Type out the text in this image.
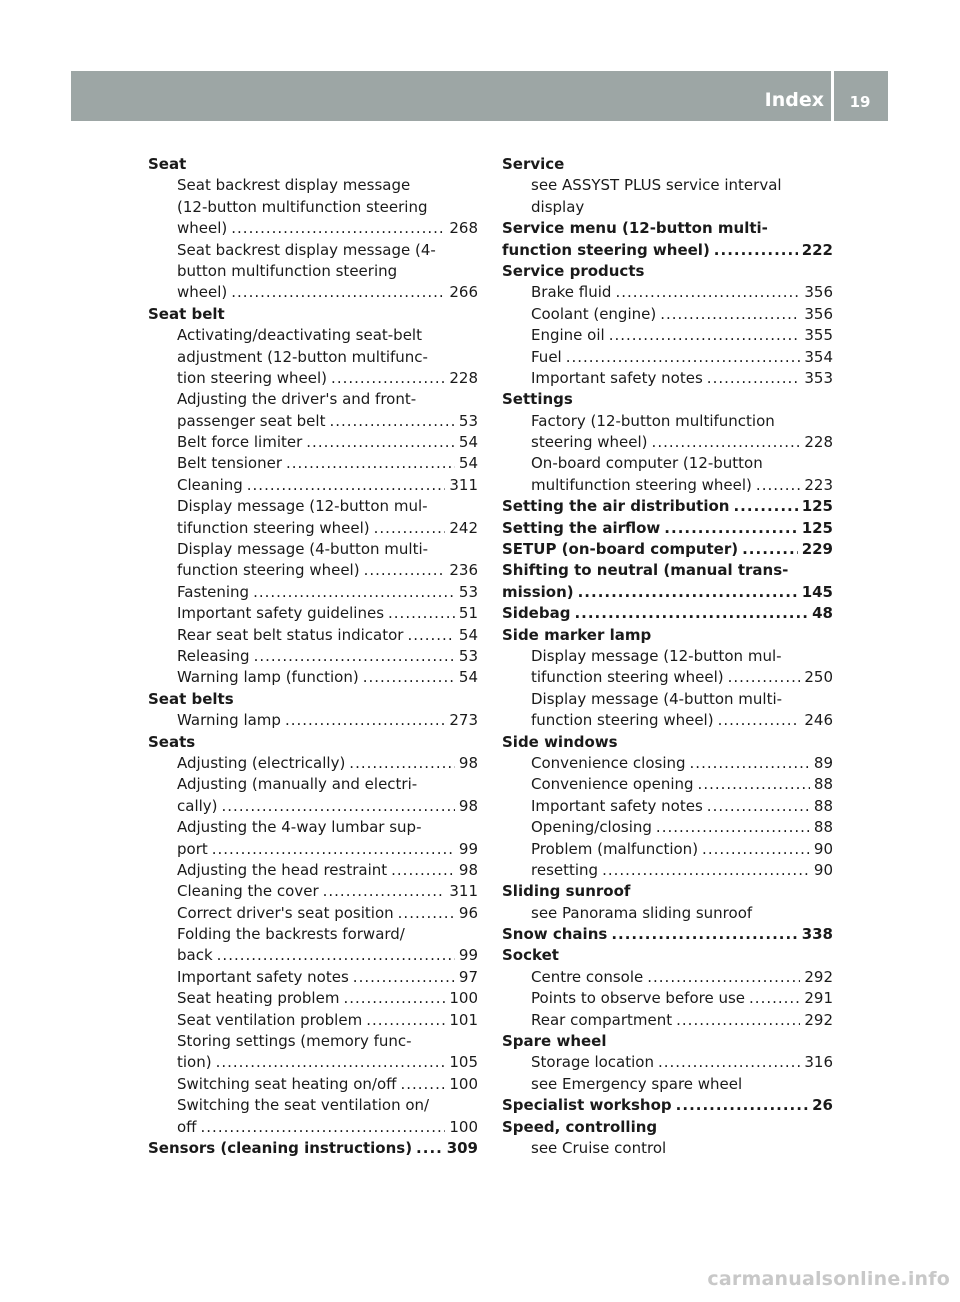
Index	19
Seat
Seat backrest display message
(12-button multifunction steering
wheel) .....	268
Seat backrest display message (4-
button multifunction steering
wheel) .....	266
Seat belt
Activating/deactivating seat-belt
adjustment (12-button multifunc-
tion steering wheel) .....	228
Adjusting the driver's and front-
passenger seat belt .....	53
Belt force limiter .....	54
Belt tensioner .....	54
Cleaning .....	311
Display message (12-button mul-
tifunction steering wheel) .....	242
Display message (4-button multi-
function steering wheel) .....	236
Fastening .....	53
Important safety guidelines .....	51
Rear seat belt status indicator .....	54
Releasing .....	53
Warning lamp (function) .....	54
Seat belts
Warning lamp .....	273
Seats
Adjusting (electrically) .....	98
Adjusting (manually and electri-
cally) .....	98
Adjusting the 4-way lumbar sup-
port .....	99
Adjusting the head restraint .....	98
Cleaning the cover .....	311
Correct driver's seat position .....	96
Folding the backrests forward/
back .....	99
Important safety notes .....	97
Seat heating problem .....	100
Seat ventilation problem .....	101
Storing settings (memory func-
tion) .....	105
Switching seat heating on/off .....	100
Switching the seat ventilation on/
off .....	100
Sensors (cleaning instructions) ..... 309
Service
see ASSYST PLUS service interval
display
Service menu (12-button multi-
function steering wheel) .....	222
Service products
Brake fluid .....	356
Coolant (engine) .....	356
Engine oil .....	355
Fuel .....	354
Important safety notes .....	353
Settings
Factory (12-button multifunction
steering wheel) .....	228
On-board computer (12-button
multifunction steering wheel) .....	223
Setting the air distribution .....	125
Setting the airflow .....	125
SETUP (on-board computer) .....	229
Shifting to neutral (manual trans-
mission) .....	145
Sidebag .....	48
Side marker lamp
Display message (12-button mul-
tifunction steering wheel) .....	250
Display message (4-button multi-
function steering wheel) .....	246
Side windows
Convenience closing .....	89
Convenience opening .....	88
Important safety notes .....	88
Opening/closing .....	88
Problem (malfunction) .....	90
resetting .....	90
Sliding sunroof
see Panorama sliding sunroof
Snow chains .....	338
Socket
Centre console .....	292
Points to observe before use .....	291
Rear compartment .....	292
Spare wheel
Storage location .....	316
see Emergency spare wheel
Specialist workshop .....	26
Speed, controlling
see Cruise control
carmanualsonline.info
